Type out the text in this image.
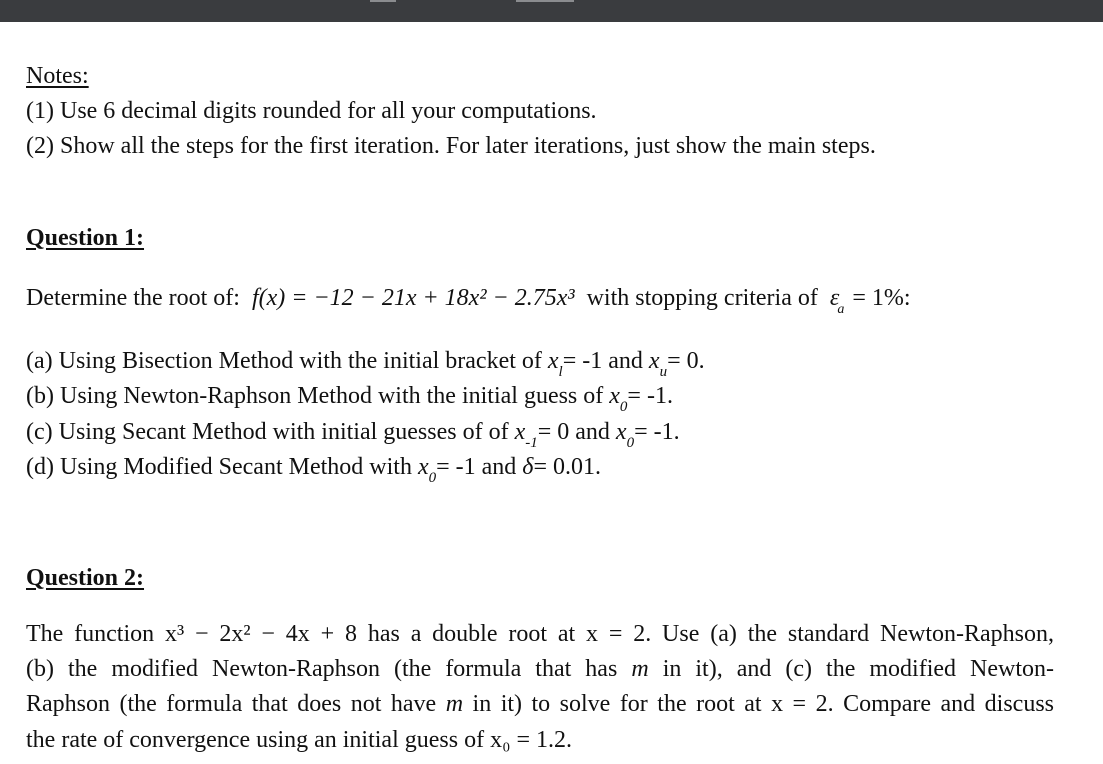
Notes:
(1) Use 6 decimal digits rounded for all your computations.
(2) Show all the steps for the first iteration. For later iterations, just show the main steps.
Question 1:
Determine the root of: f(x) = −12 − 21x + 18x² − 2.75x³ with stopping criteria of $\varepsilon_a = 1\%$:
(a) Using Bisection Method with the initial bracket of $x_l= -1$ and $x_u= 0$.
(b) Using Newton-Raphson Method with the initial guess of $x_0= -1$.
(c) Using Secant Method with initial guesses of of $x_{-1}= 0$ and $x_0= -1$.
(d) Using Modified Secant Method with $x_0= -1$ and δ= 0.01.
Question 2:
The function x³ − 2x² − 4x + 8 has a double root at x = 2. Use (a) the standard Newton-Raphson,
(b) the modified Newton-Raphson (the formula that has m in it), and (c) the modified Newton-
Raphson (the formula that does not have m in it) to solve for the root at x = 2. Compare and discuss
the rate of convergence using an initial guess of x₀ = 1.2.
